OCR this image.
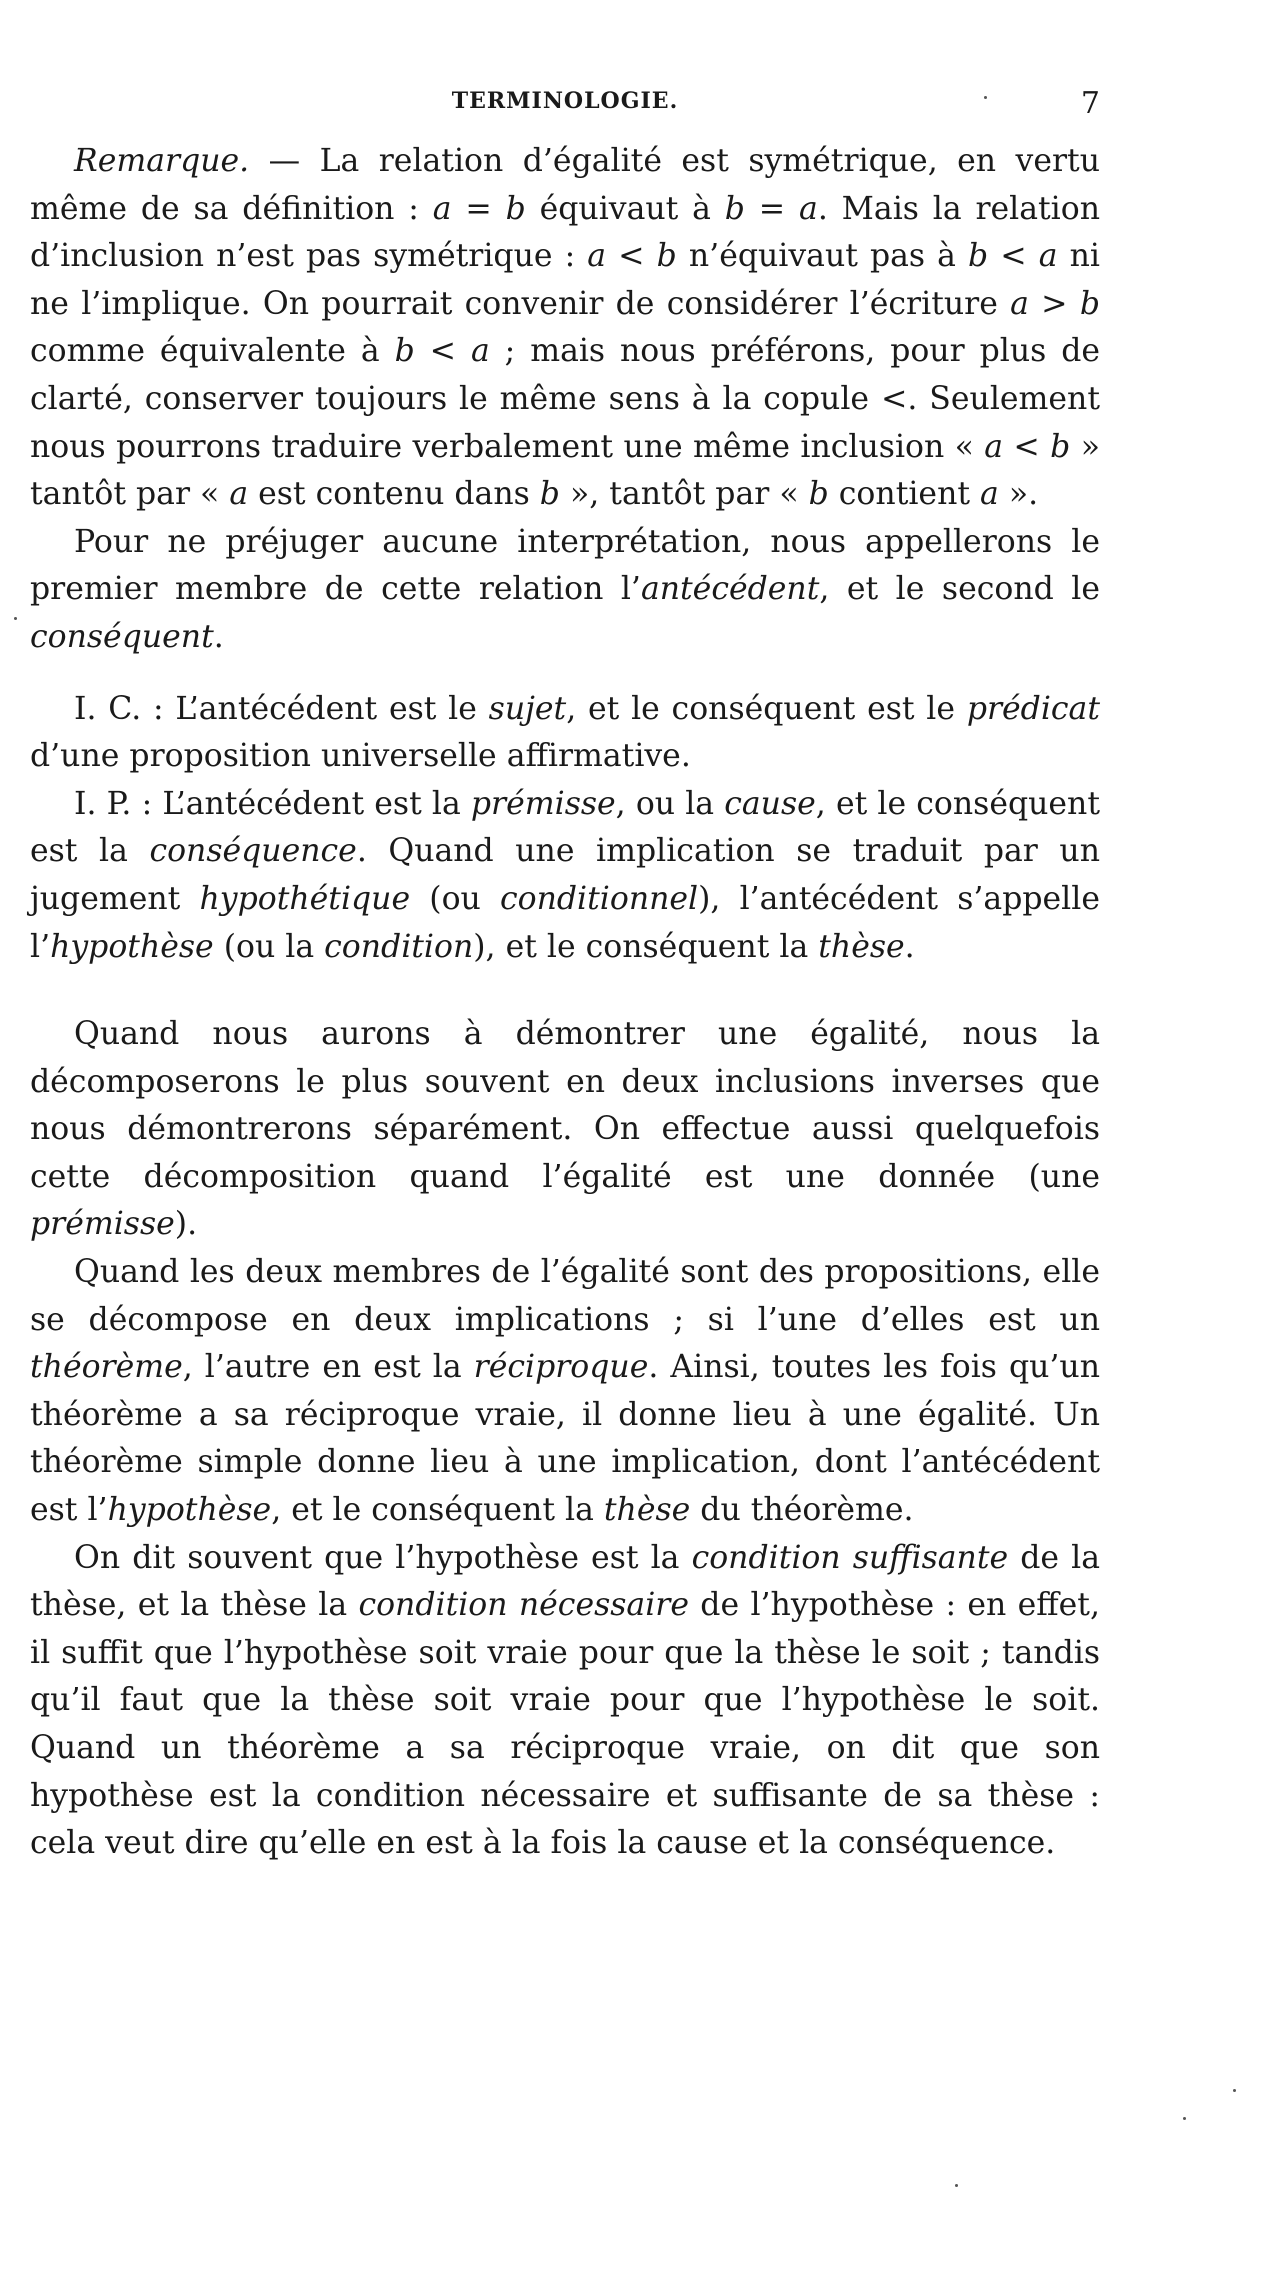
TERMINOLOGIE.	7

Remarque. — La relation d’égalité est symétrique, en vertu même de sa définition : a = b équivaut à b = a. Mais la relation d’inclusion n’est pas symétrique : a < b n’équivaut pas à b < a ni ne l’implique. On pourrait convenir de considérer l’écriture a > b comme équivalente à b < a ; mais nous préférons, pour plus de clarté, conserver toujours le même sens à la copule <. Seulement nous pourrons traduire verbalement une même inclusion « a < b » tantôt par « a est contenu dans b », tantôt par « b contient a ».

Pour ne préjuger aucune interprétation, nous appellerons le premier membre de cette relation l’antécédent, et le second le conséquent.

I. C. : L’antécédent est le sujet, et le conséquent est le prédicat d’une proposition universelle affirmative.

I. P. : L’antécédent est la prémisse, ou la cause, et le conséquent est la conséquence. Quand une implication se traduit par un jugement hypothétique (ou conditionnel), l’antécédent s’appelle l’hypothèse (ou la condition), et le conséquent la thèse.

Quand nous aurons à démontrer une égalité, nous la décomposerons le plus souvent en deux inclusions inverses que nous démontrerons séparément. On effectue aussi quelquefois cette décomposition quand l’égalité est une donnée (une prémisse).

Quand les deux membres de l’égalité sont des propositions, elle se décompose en deux implications ; si l’une d’elles est un théorème, l’autre en est la réciproque. Ainsi, toutes les fois qu’un théorème a sa réciproque vraie, il donne lieu à une égalité. Un théorème simple donne lieu à une implication, dont l’antécédent est l’hypothèse, et le conséquent la thèse du théorème.

On dit souvent que l’hypothèse est la condition suffisante de la thèse, et la thèse la condition nécessaire de l’hypothèse : en effet, il suffit que l’hypothèse soit vraie pour que la thèse le soit ; tandis qu’il faut que la thèse soit vraie pour que l’hypothèse le soit. Quand un théorème a sa réciproque vraie, on dit que son hypothèse est la condition nécessaire et suffisante de sa thèse : cela veut dire qu’elle en est à la fois la cause et la conséquence.
